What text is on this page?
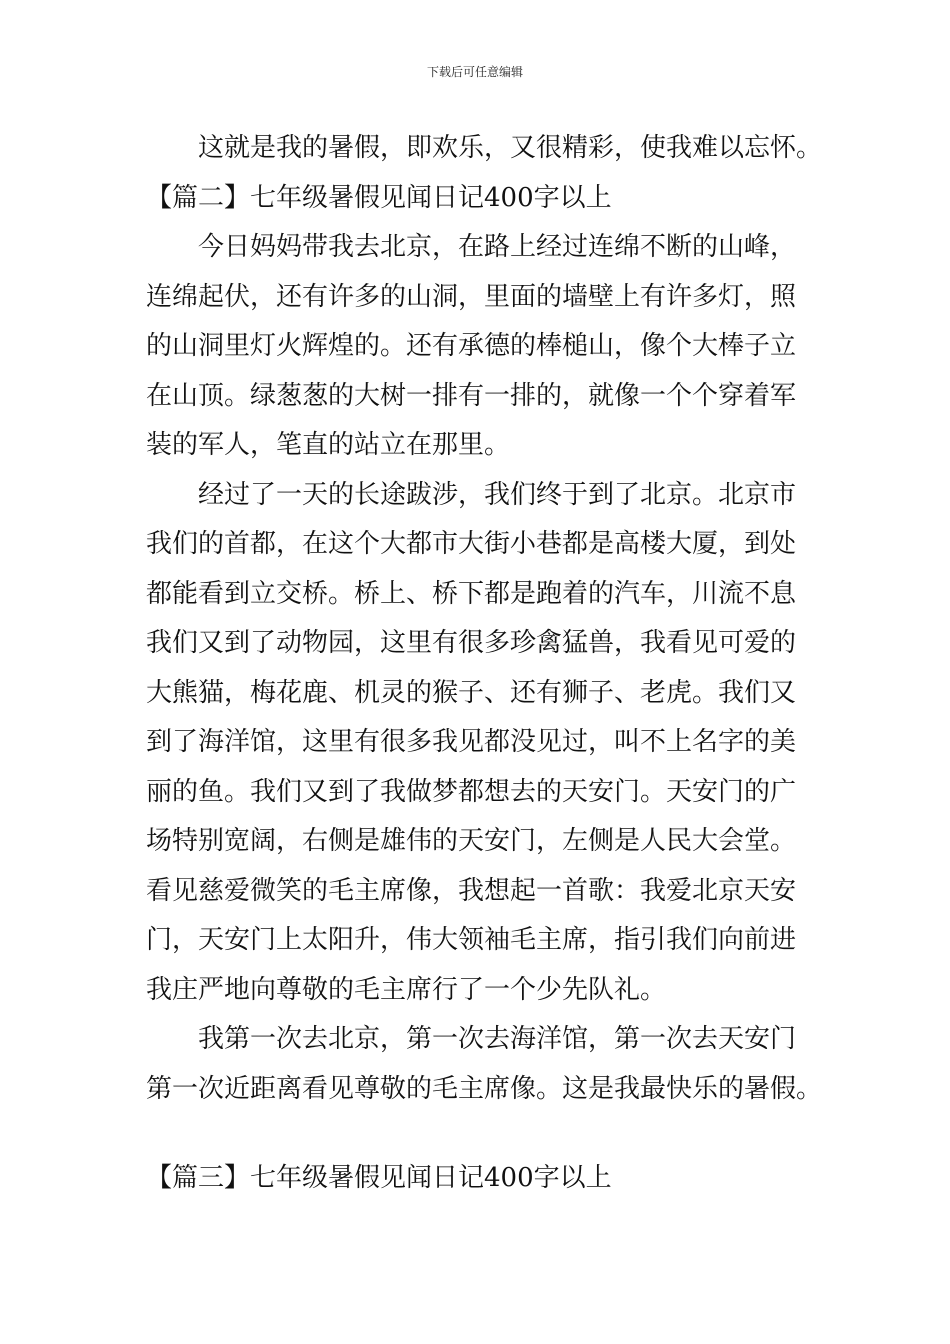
下载后可任意编辑
这就是我的暑假，即欢乐，又很精彩，使我难以忘怀。
【篇二】七年级暑假见闻日记400字以上
今日妈妈带我去北京，在路上经过连绵不断的山峰，
连绵起伏，还有许多的山洞，里面的墙壁上有许多灯，照
的山洞里灯火辉煌的。还有承德的棒槌山，像个大棒子立
在山顶。绿葱葱的大树一排有一排的，就像一个个穿着军
装的军人，笔直的站立在那里。
经过了一天的长途跋涉，我们终于到了北京。北京市
我们的首都，在这个大都市大街小巷都是高楼大厦，到处
都能看到立交桥。桥上、桥下都是跑着的汽车，川流不息
我们又到了动物园，这里有很多珍禽猛兽，我看见可爱的
大熊猫，梅花鹿、机灵的猴子、还有狮子、老虎。我们又
到了海洋馆，这里有很多我见都没见过，叫不上名字的美
丽的鱼。我们又到了我做梦都想去的天安门。天安门的广
场特别宽阔，右侧是雄伟的天安门，左侧是人民大会堂。
看见慈爱微笑的毛主席像，我想起一首歌：我爱北京天安
门，天安门上太阳升，伟大领袖毛主席，指引我们向前进
我庄严地向尊敬的毛主席行了一个少先队礼。
我第一次去北京，第一次去海洋馆，第一次去天安门
第一次近距离看见尊敬的毛主席像。这是我最快乐的暑假。
【篇三】七年级暑假见闻日记400字以上
